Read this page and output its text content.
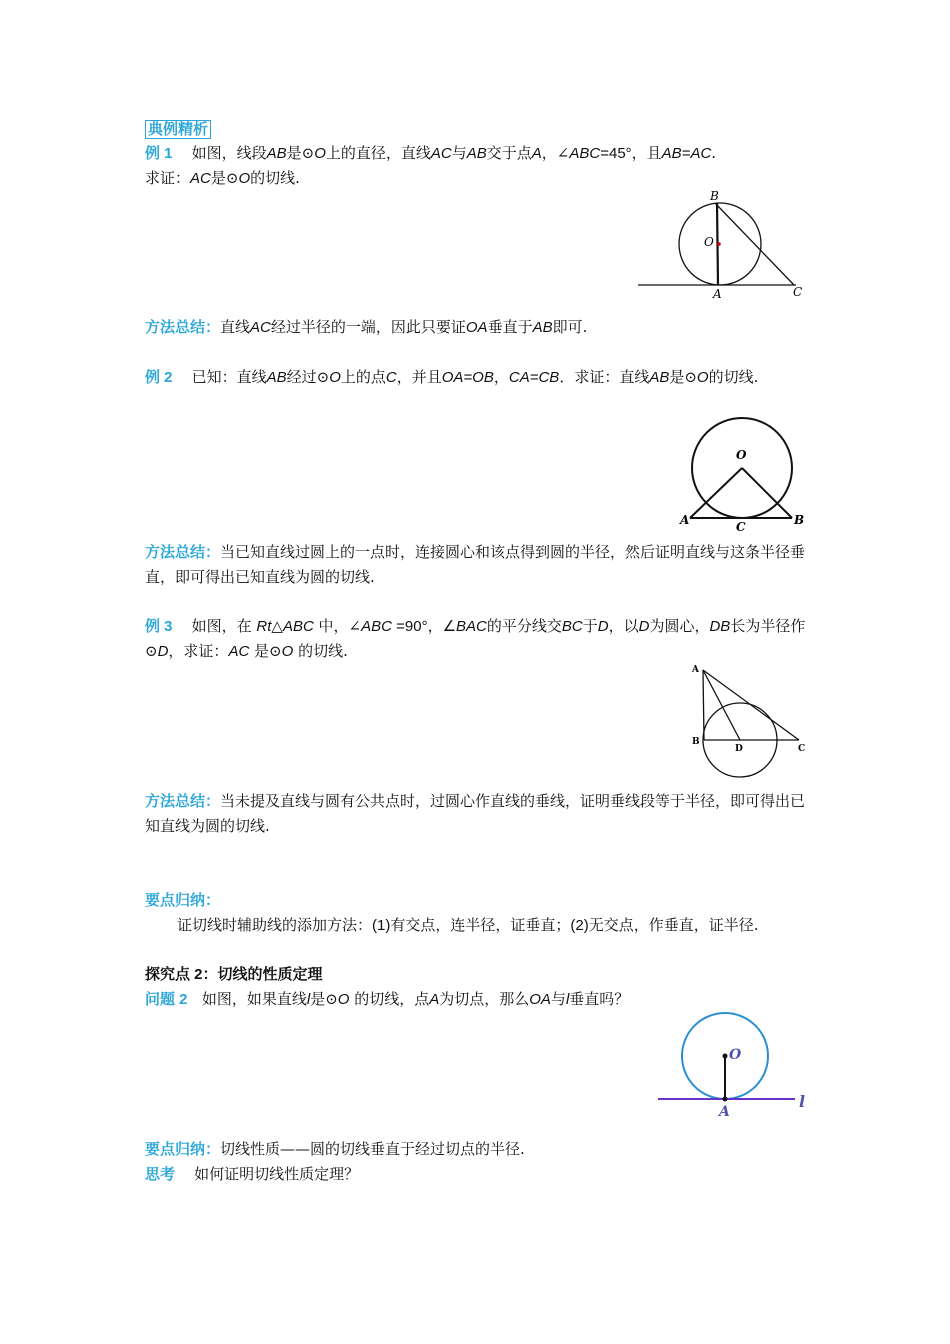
典例精析
例 1 如图，线段AB是⊙O上的直径，直线AC与AB交于点A，∠ABC=45°，且AB=AC.
求证：AC是⊙O的切线.
B
O
A	C
方法总结：直线AC经过半径的一端，因此只要证OA垂直于AB即可.
例 2 已知：直线AB经过⊙O上的点C，并且OA=OB，CA=CB．求证：直线AB是⊙O的切线.
O
A	C	B
方法总结：当已知直线过圆上的一点时，连接圆心和该点得到圆的半径，然后证明直线与这条半径垂直，即可得出已知直线为圆的切线.
例 3 如图，在 Rt△ABC 中，∠ABC =90°，∠BAC的平分线交BC于D，以D为圆心，DB长为半径作⊙D，求证：AC 是⊙O 的切线.
A
B
D	C
方法总结：当未提及直线与圆有公共点时，过圆心作直线的垂线，证明垂线段等于半径，即可得出已知直线为圆的切线.
要点归纳：
证切线时辅助线的添加方法：(1)有交点，连半径，证垂直；(2)无交点，作垂直，证半径.
探究点 2：切线的性质定理
问题 2 如图，如果直线l是⊙O 的切线，点A为切点，那么OA与l垂直吗？
O
A
l
要点归纳：切线性质——圆的切线垂直于经过切点的半径.
思考 如何证明切线性质定理？
